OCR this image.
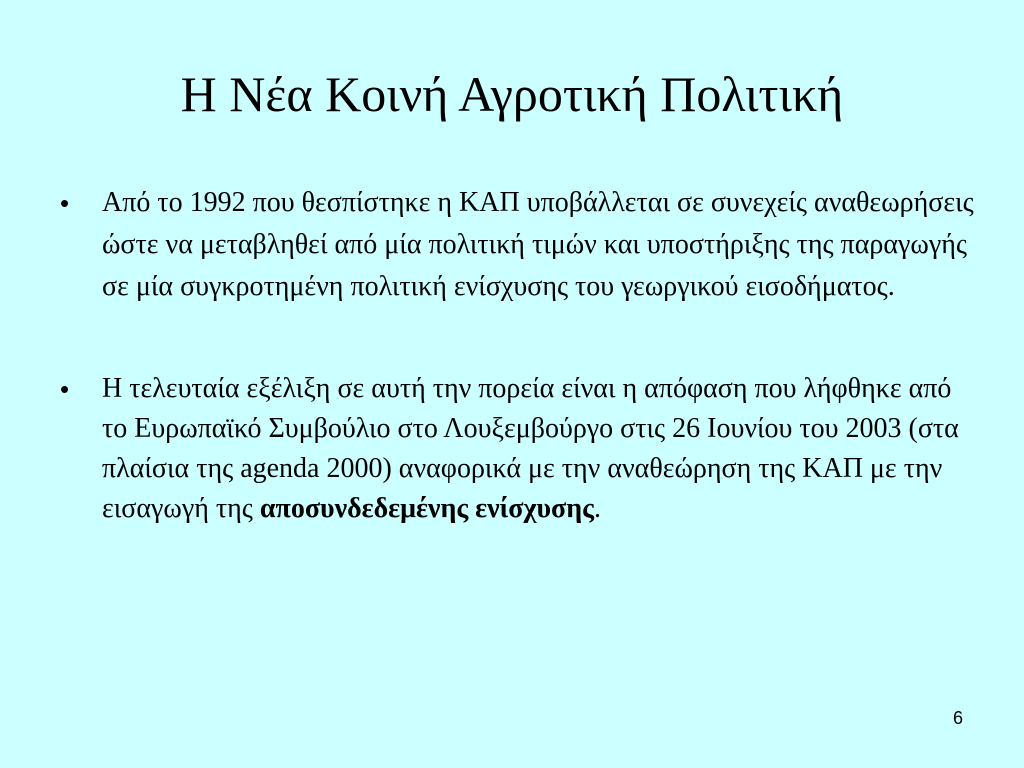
Η Νέα Κοινή Αγροτική Πολιτική
• Από το 1992 που θεσπίστηκε η ΚΑΠ υποβάλλεται σε συνεχείς αναθεωρήσεις ώστε να μεταβληθεί από μία πολιτική τιμών και υποστήριξης της παραγωγής σε μία συγκροτημένη πολιτική ενίσχυσης του γεωργικού εισοδήματος.
• Η τελευταία εξέλιξη σε αυτή την πορεία είναι η απόφαση που λήφθηκε από το Ευρωπαϊκό Συμβούλιο στο Λουξεμβούργο στις 26 Ιουνίου του 2003 (στα πλαίσια της agenda 2000) αναφορικά με την αναθεώρηση της ΚΑΠ με την εισαγωγή της αποσυνδεδεμένης ενίσχυσης.
6
